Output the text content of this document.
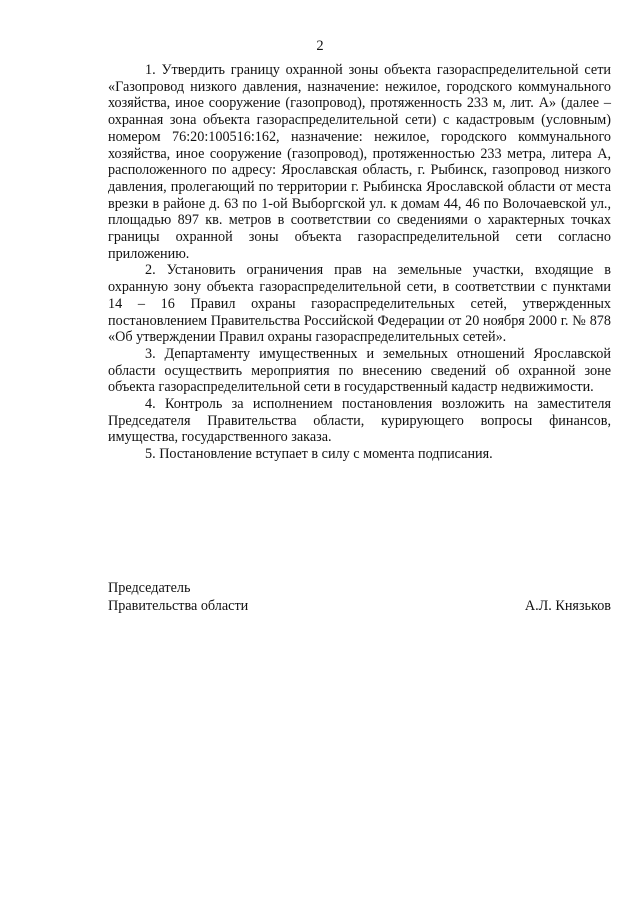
2

1. Утвердить границу охранной зоны объекта газораспределительной сети «Газопровод низкого давления, назначение: нежилое, городского коммунального хозяйства, иное сооружение (газопровод), протяженность 233 м, лит. А» (далее – охранная зона объекта газораспределительной сети) с кадастровым (условным) номером 76:20:100516:162, назначение: нежилое, городского коммунального хозяйства, иное сооружение (газопровод), протяженностью 233 метра, литера А, расположенного по адресу: Ярославская область, г. Рыбинск, газопровод низкого давления, пролегающий по территории г. Рыбинска Ярославской области от места врезки в районе д. 63 по 1-ой Выборгской ул. к домам 44, 46 по Волочаевской ул., площадью 897 кв. метров в соответствии со сведениями о характерных точках границы охранной зоны объекта газораспределительной сети согласно приложению.

2. Установить ограничения прав на земельные участки, входящие в охранную зону объекта газораспределительной сети, в соответствии с пунктами 14 – 16 Правил охраны газораспределительных сетей, утвержденных постановлением Правительства Российской Федерации от 20 ноября 2000 г. № 878 «Об утверждении Правил охраны газораспределительных сетей».

3. Департаменту имущественных и земельных отношений Ярославской области осуществить мероприятия по внесению сведений об охранной зоне объекта газораспределительной сети в государственный кадастр недвижимости.

4. Контроль за исполнением постановления возложить на заместителя Председателя Правительства области, курирующего вопросы финансов, имущества, государственного заказа.

5. Постановление вступает в силу с момента подписания.

Председатель
Правительства области	А.Л. Князьков
